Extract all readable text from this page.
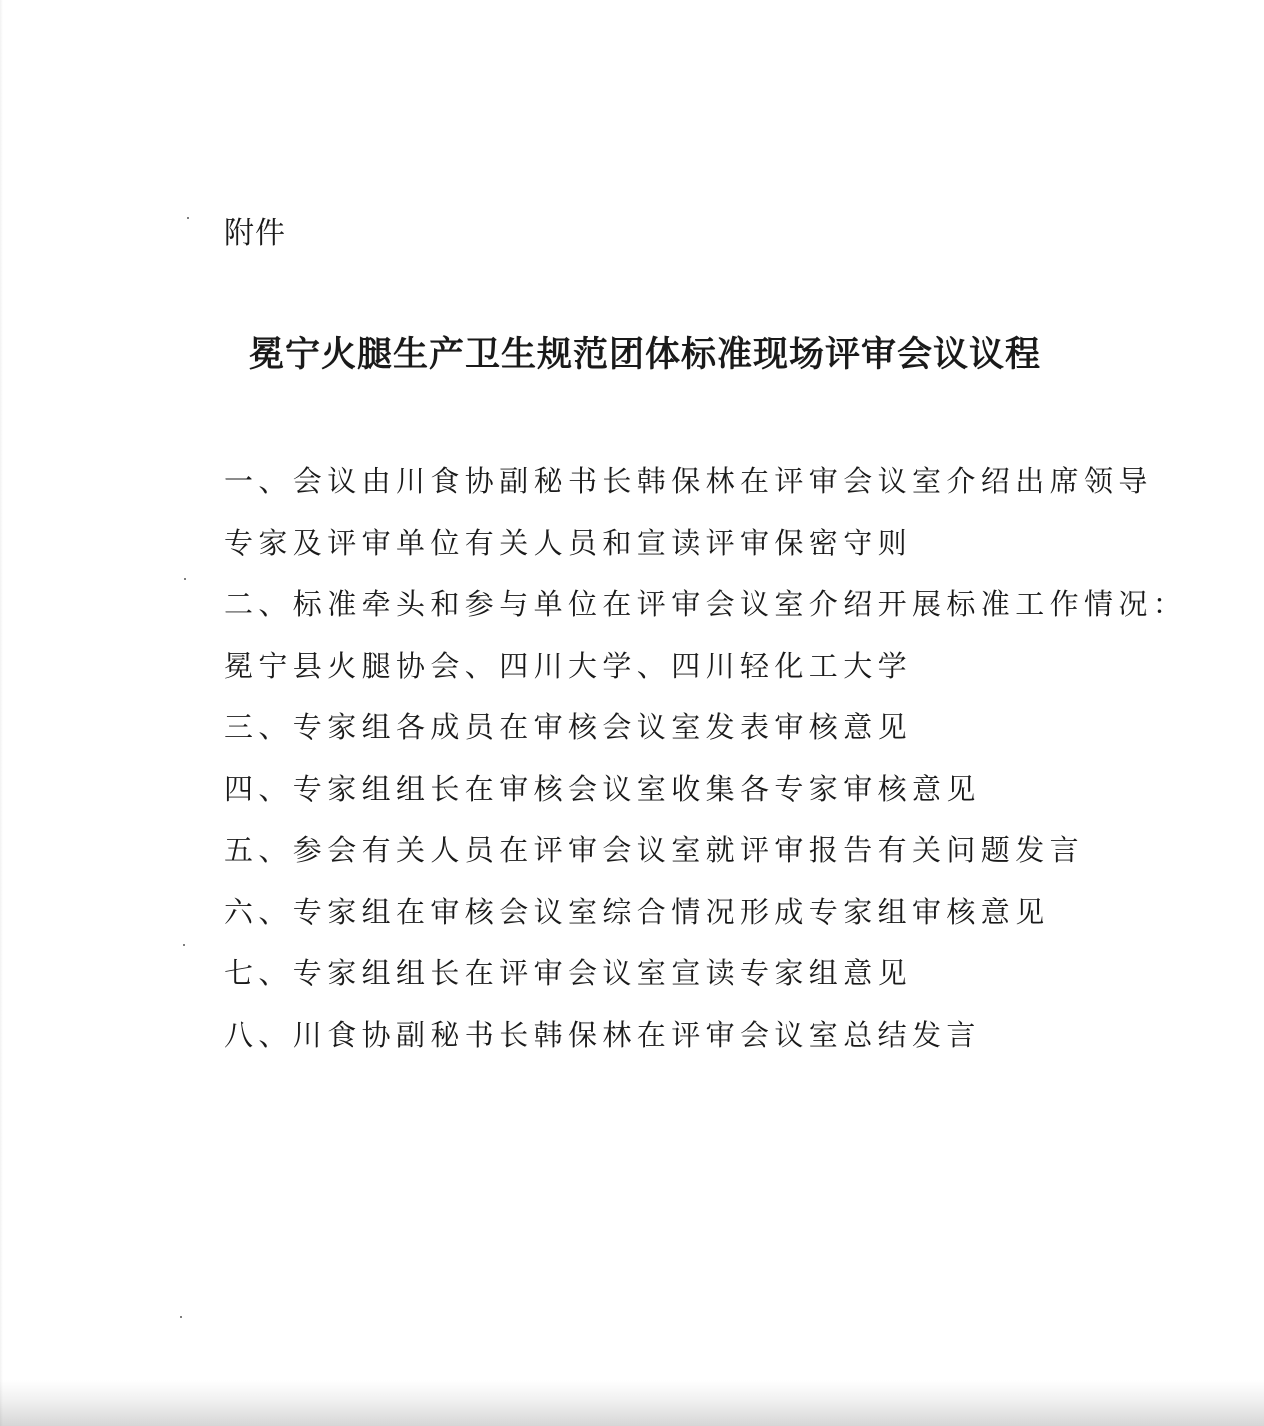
附件
冕宁火腿生产卫生规范团体标准现场评审会议议程
一、会议由川食协副秘书长韩保林在评审会议室介绍出席领导
专家及评审单位有关人员和宣读评审保密守则
二、标准牵头和参与单位在评审会议室介绍开展标准工作情况：
冕宁县火腿协会、四川大学、四川轻化工大学
三、专家组各成员在审核会议室发表审核意见
四、专家组组长在审核会议室收集各专家审核意见
五、参会有关人员在评审会议室就评审报告有关问题发言
六、专家组在审核会议室综合情况形成专家组审核意见
七、专家组组长在评审会议室宣读专家组意见
八、川食协副秘书长韩保林在评审会议室总结发言
